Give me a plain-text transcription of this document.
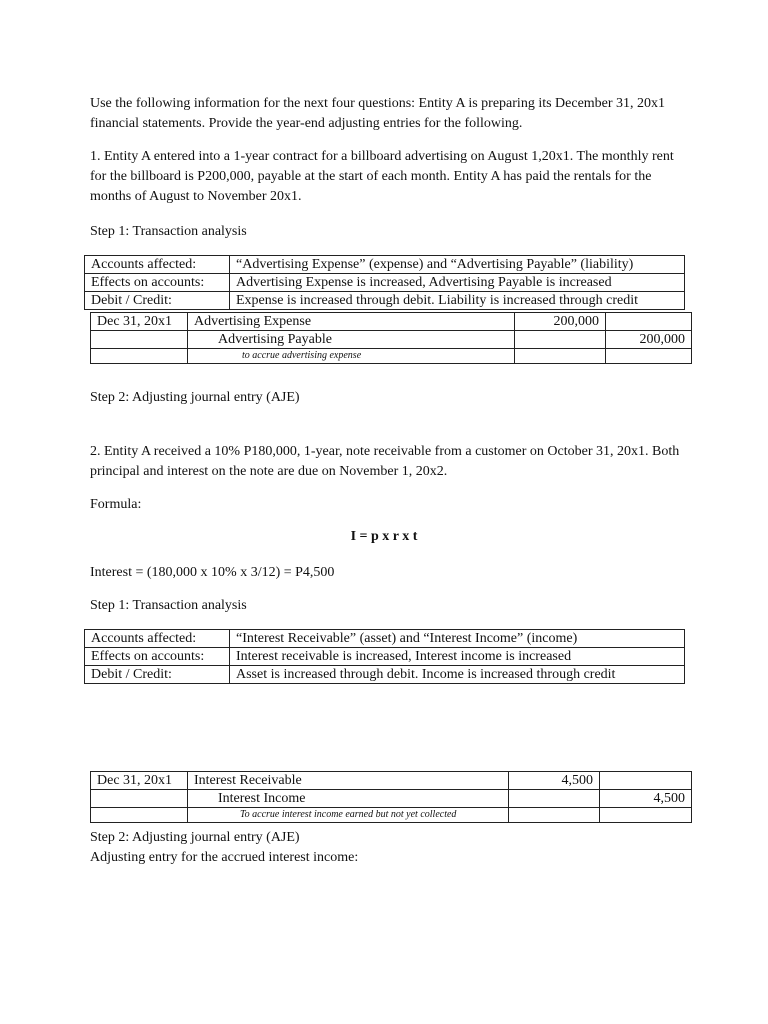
Use the following information for the next four questions: Entity A is preparing its December 31, 20x1 financial statements. Provide the year-end adjusting entries for the following.

1. Entity A entered into a 1-year contract for a billboard advertising on August 1,20x1. The monthly rent for the billboard is P200,000, payable at the start of each month. Entity A has paid the rentals for the months of August to November 20x1.

Step 1: Transaction analysis

Accounts affected:	“Advertising Expense” (expense) and “Advertising Payable” (liability)
Effects on accounts:	Advertising Expense is increased, Advertising Payable is increased
Debit / Credit:	Expense is increased through debit. Liability is increased through credit
Dec 31, 20x1	Advertising Expense	200,000	
	Advertising Payable		200,000
	to accrue advertising expense		

Step 2: Adjusting journal entry (AJE)

2. Entity A received a 10% P180,000, 1-year, note receivable from a customer on October 31, 20x1. Both principal and interest on the note are due on November 1, 20x2.

Formula:

I = p x r x t

Interest = (180,000 x 10% x 3/12) = P4,500

Step 1: Transaction analysis

Accounts affected:	“Interest Receivable” (asset) and “Interest Income” (income)
Effects on accounts:	Interest receivable is increased, Interest income is increased
Debit / Credit:	Asset is increased through debit. Income is increased through credit
Dec 31, 20x1	Interest Receivable	4,500	
	Interest Income		4,500
	To accrue interest income earned but not yet collected		

Step 2: Adjusting journal entry (AJE)

Adjusting entry for the accrued interest income:
